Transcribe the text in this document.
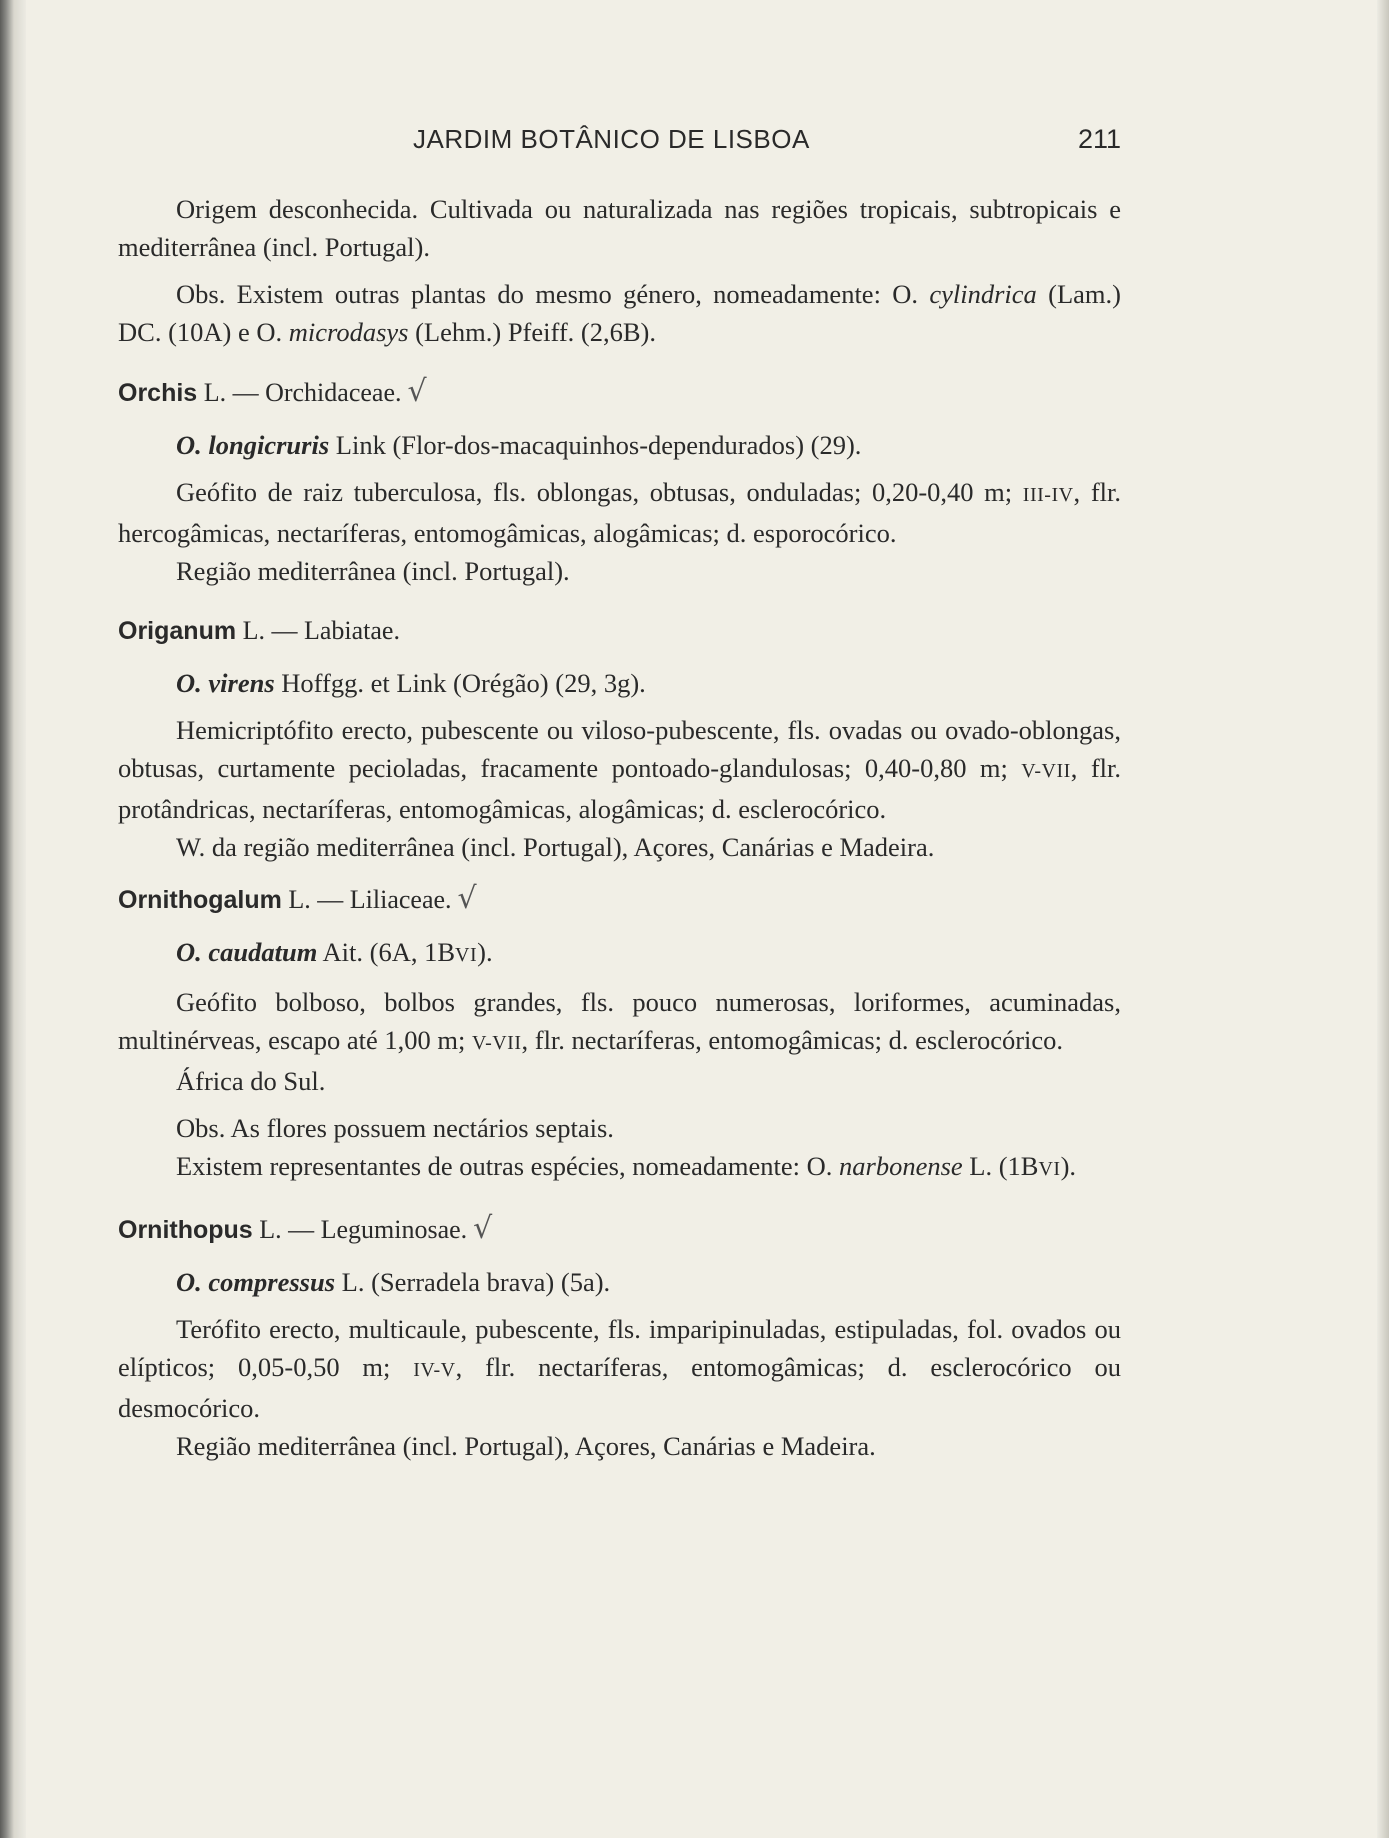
JARDIM BOTÂNICO DE LISBOA	211

Origem desconhecida. Cultivada ou naturalizada nas regiões tropicais, subtropicais e mediterrânea (incl. Portugal).

Obs. Existem outras plantas do mesmo género, nomeadamente: O. cylindrica (Lam.) DC. (10A) e O. microdasys (Lehm.) Pfeiff. (2,6B).

Orchis L. — Orchidaceae. √

O. longicruris Link (Flor-dos-macaquinhos-dependurados) (29).

Geófito de raiz tuberculosa, fls. oblongas, obtusas, onduladas; 0,20-0,40 m; III-IV, flr. hercogâmicas, nectaríferas, entomogâmicas, alogâmicas; d. esporocórico.

Região mediterrânea (incl. Portugal).

Origanum L. — Labiatae.

O. virens Hoffgg. et Link (Orégão) (29, 3g).

Hemicriptófito erecto, pubescente ou viloso-pubescente, fls. ovadas ou ovado-oblongas, obtusas, curtamente pecioladas, fracamente pontoado-glandulosas; 0,40-0,80 m; V-VII, flr. protândricas, nectaríferas, entomogâmicas, alogâmicas; d. esclerocórico.

W. da região mediterrânea (incl. Portugal), Açores, Canárias e Madeira.

Ornithogalum L. — Liliaceae. √

O. caudatum Ait. (6A, 1BVI).

Geófito bolboso, bolbos grandes, fls. pouco numerosas, loriformes, acuminadas, multinérveas, escapo até 1,00 m; V-VII, flr. nectaríferas, entomogâmicas; d. esclerocórico.

África do Sul.

Obs. As flores possuem nectários septais.

Existem representantes de outras espécies, nomeadamente: O. narbonense L. (1BVI).

Ornithopus L. — Leguminosae. √

O. compressus L. (Serradela brava) (5a).

Terófito erecto, multicaule, pubescente, fls. imparipinuladas, estipuladas, fol. ovados ou elípticos; 0,05-0,50 m; IV-V, flr. nectaríferas, entomogâmicas; d. esclerocórico ou desmocórico.

Região mediterrânea (incl. Portugal), Açores, Canárias e Madeira.
